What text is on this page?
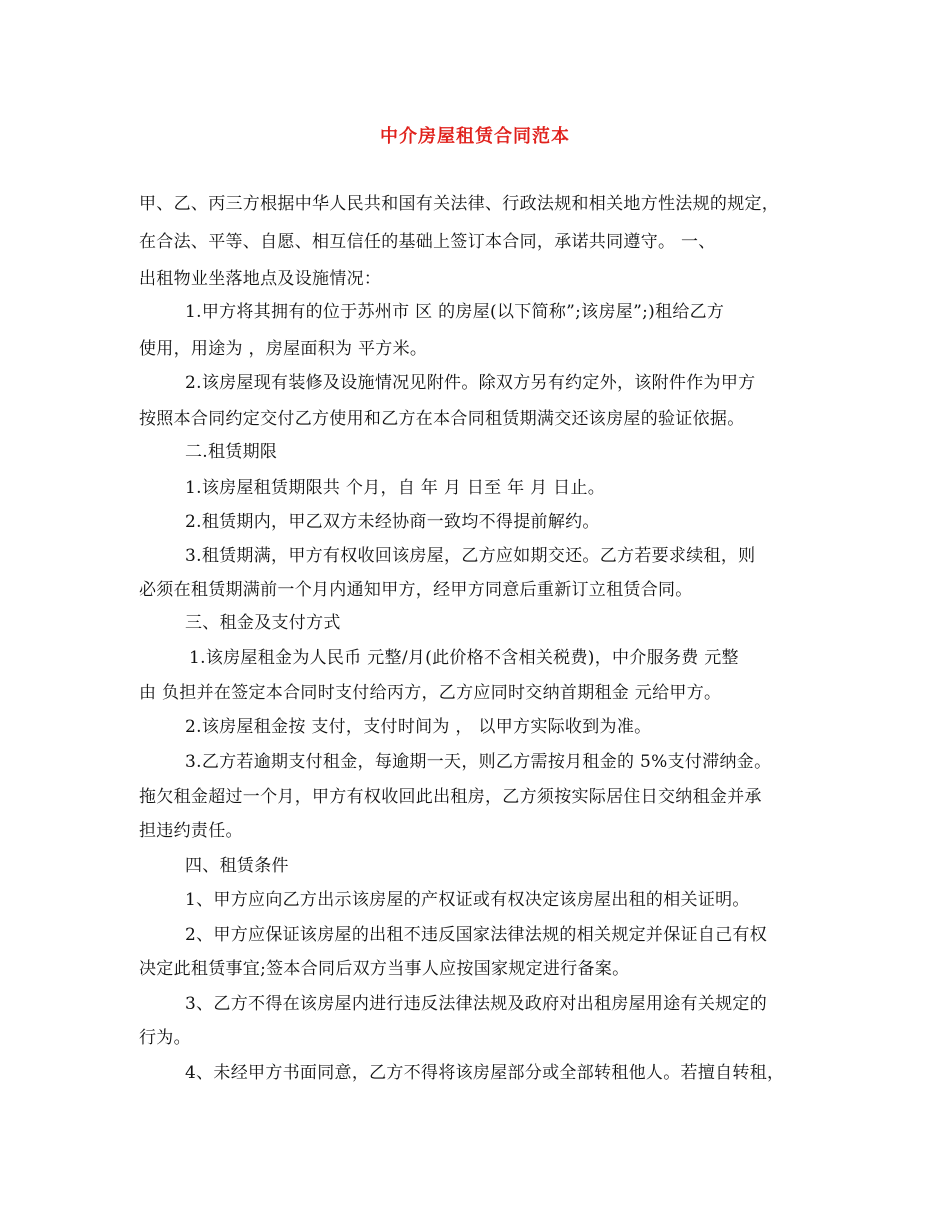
中介房屋租赁合同范本
甲、乙、丙三方根据中华人民共和国有关法律、行政法规和相关地方性法规的规定，
在合法、平等、自愿、相互信任的基础上签订本合同，承诺共同遵守。 一、
出租物业坐落地点及设施情况：
1.甲方将其拥有的位于苏州市 区 的房屋(以下简称”;该房屋”;)租给乙方
使用，用途为 ，房屋面积为 平方米。
2.该房屋现有装修及设施情况见附件。除双方另有约定外，该附件作为甲方
按照本合同约定交付乙方使用和乙方在本合同租赁期满交还该房屋的验证依据。
二.租赁期限
1.该房屋租赁期限共 个月，自 年 月 日至 年 月 日止。
2.租赁期内，甲乙双方未经协商一致均不得提前解约。
3.租赁期满，甲方有权收回该房屋，乙方应如期交还。乙方若要求续租，则
必须在租赁期满前一个月内通知甲方，经甲方同意后重新订立租赁合同。
三、租金及支付方式
1.该房屋租金为人民币 元整/月(此价格不含相关税费)，中介服务费 元整
由 负担并在签定本合同时支付给丙方，乙方应同时交纳首期租金 元给甲方。
2.该房屋租金按 支付，支付时间为 ， 以甲方实际收到为准。
3.乙方若逾期支付租金，每逾期一天，则乙方需按月租金的 5%支付滞纳金。
拖欠租金超过一个月，甲方有权收回此出租房，乙方须按实际居住日交纳租金并承
担违约责任。
四、租赁条件
1、甲方应向乙方出示该房屋的产权证或有权决定该房屋出租的相关证明。
2、甲方应保证该房屋的出租不违反国家法律法规的相关规定并保证自己有权
决定此租赁事宜;签本合同后双方当事人应按国家规定进行备案。
3、乙方不得在该房屋内进行违反法律法规及政府对出租房屋用途有关规定的
行为。
4、未经甲方书面同意，乙方不得将该房屋部分或全部转租他人。若擅自转租，
